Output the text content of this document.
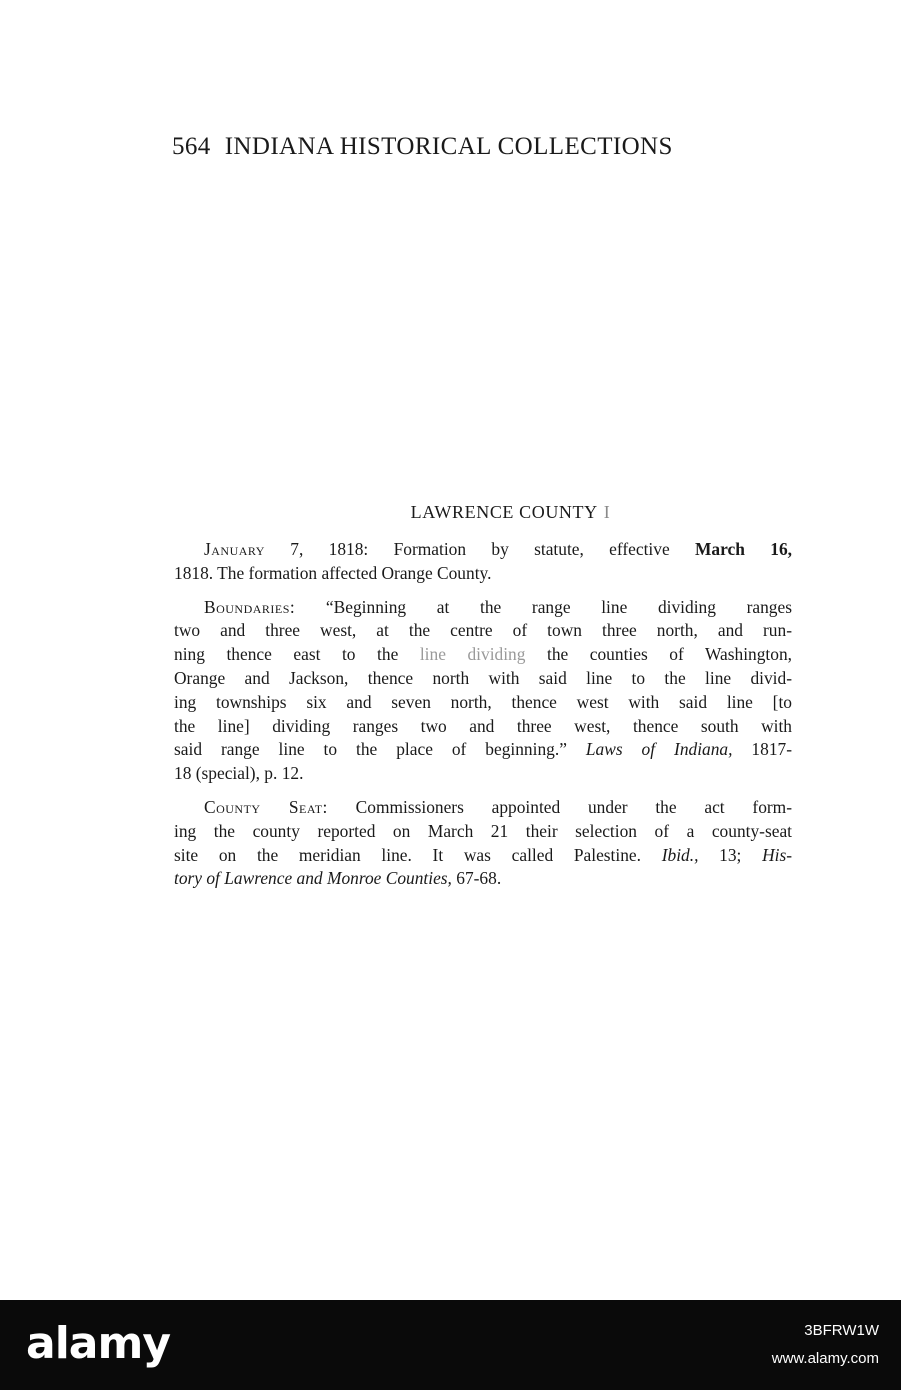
564 INDIANA HISTORICAL COLLECTIONS
LAWRENCE COUNTY I
January 7, 1818: Formation by statute, effective March 16,
1818. The formation affected Orange County.
Boundaries: “Beginning at the range line dividing ranges
two and three west, at the centre of town three north, and run-
ning thence east to the line dividing the counties of Washington,
Orange and Jackson, thence north with said line to the line divid-
ing townships six and seven north, thence west with said line [to
the line] dividing ranges two and three west, thence south with
said range line to the place of beginning.” Laws of Indiana, 1817-
18 (special), p. 12.
County Seat: Commissioners appointed under the act form-
ing the county reported on March 21 their selection of a county-seat
site on the meridian line. It was called Palestine. Ibid., 13; His-
tory of Lawrence and Monroe Counties, 67-68.
alamy	3BFRW1W
www.alamy.com
